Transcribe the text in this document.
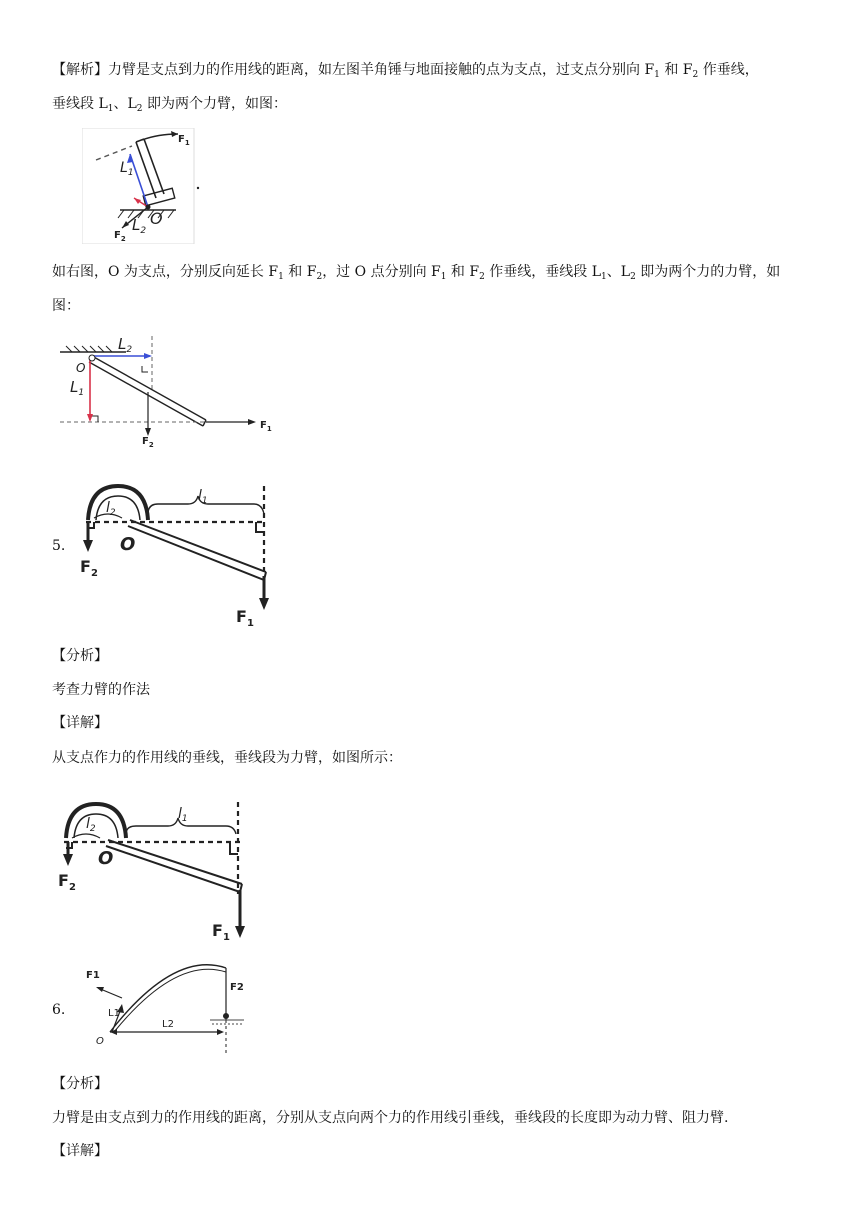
【解析】力臂是支点到力的作用线的距离，如左图羊角锤与地面接触的点为支点，过支点分别向 $F_1$ 和 $F_2$ 作垂线，
垂线段 $L_1$、$L_2$ 即为两个力臂，如图：
$L_1$
$L_2$
O
$F_1$
$F_2$
如右图，O 为支点，分别反向延长 $F_1$ 和 $F_2$，过 O 点分别向 $F_1$ 和 $F_2$ 作垂线，垂线段 $L_1$、$L_2$ 即为两个力的力臂，如
图：
$L_2$
$L_1$
O
$F_1$
$F_2$
5.
$l_2$
$l_1$
O
$F_2$
$F_1$
【分析】
考查力臂的作法
【详解】
从支点作力的作用线的垂线，垂线段为力臂，如图所示：
$l_2$
$l_1$
O
$F_2$
$F_1$
6.
F1
F2
L1
L2
O
【分析】
力臂是由支点到力的作用线的距离，分别从支点向两个力的作用线引垂线，垂线段的长度即为动力臂、阻力臂.
【详解】
